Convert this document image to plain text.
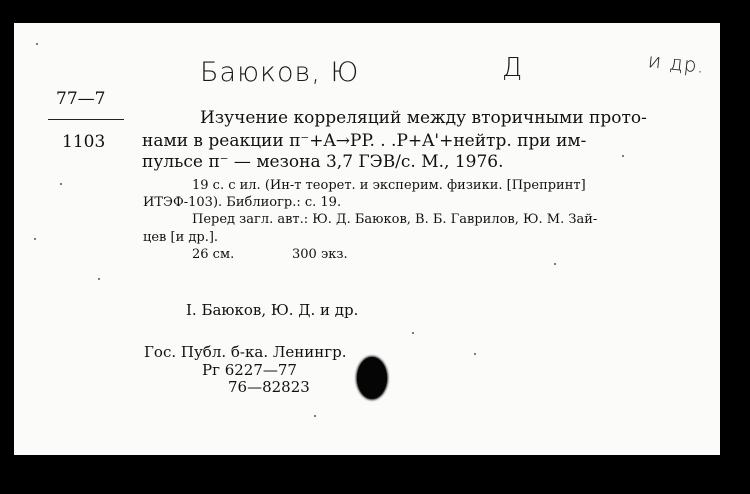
Баюков, Ю	Д	и др.
77—7
1103
Изучение корреляций между вторичными прото-
нами в реакции π⁻+A→PP. . .P+A'+нейтр. при им-
пульсе π⁻ — мезона 3,7 ГЭВ/с. М., 1976.
19 с. с ил. (Ин-т теорет. и эксперим. физики. [Препринт]
ИТЭФ-103). Библиогр.: с. 19.
Перед загл. авт.: Ю. Д. Баюков, В. Б. Гаврилов, Ю. М. Зай-
цев [и др.].
26 см.	300 экз.
I. Баюков, Ю. Д. и др.
Гос. Публ. б-ка. Ленингр.
Рг 6227—77
76—82823
